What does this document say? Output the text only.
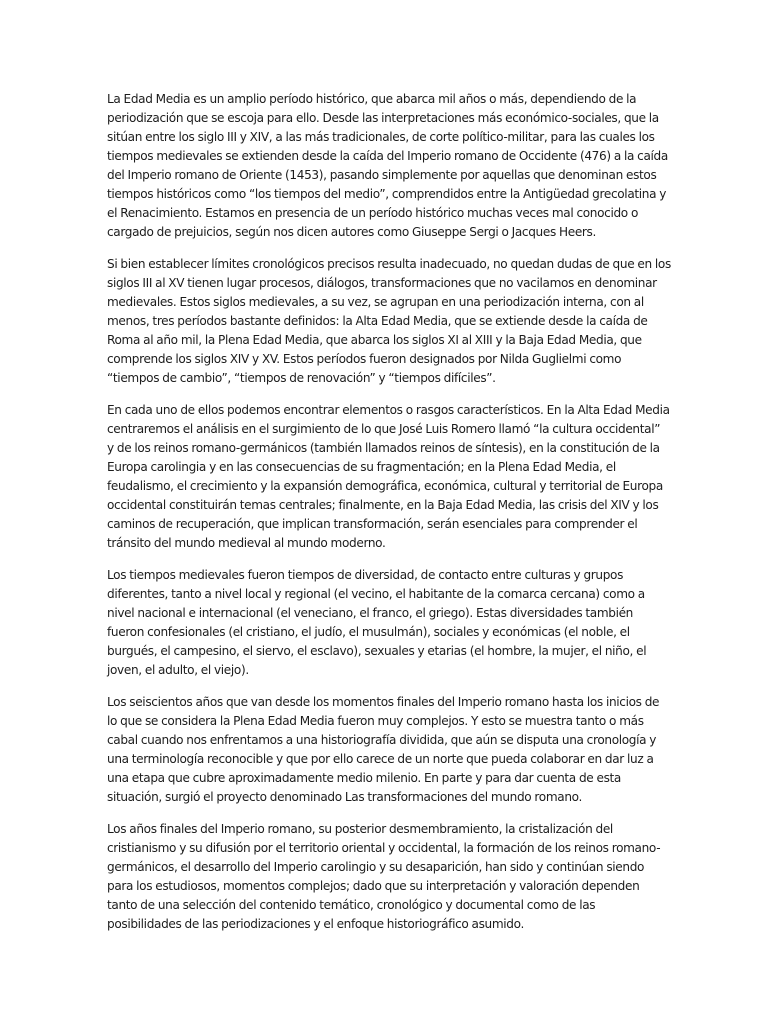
La Edad Media es un amplio período histórico, que abarca mil años o más, dependiendo de la
periodización que se escoja para ello. Desde las interpretaciones más económico-sociales, que la
sitúan entre los siglo III y XIV, a las más tradicionales, de corte político-militar, para las cuales los
tiempos medievales se extienden desde la caída del Imperio romano de Occidente (476) a la caída
del Imperio romano de Oriente (1453), pasando simplemente por aquellas que denominan estos
tiempos históricos como “los tiempos del medio”, comprendidos entre la Antigüedad grecolatina y
el Renacimiento. Estamos en presencia de un período histórico muchas veces mal conocido o
cargado de prejuicios, según nos dicen autores como Giuseppe Sergi o Jacques Heers.

Si bien establecer límites cronológicos precisos resulta inadecuado, no quedan dudas de que en los
siglos III al XV tienen lugar procesos, diálogos, transformaciones que no vacilamos en denominar
medievales. Estos siglos medievales, a su vez, se agrupan en una periodización interna, con al
menos, tres períodos bastante definidos: la Alta Edad Media, que se extiende desde la caída de
Roma al año mil, la Plena Edad Media, que abarca los siglos XI al XIII y la Baja Edad Media, que
comprende los siglos XIV y XV. Estos períodos fueron designados por Nilda Guglielmi como
“tiempos de cambio”, “tiempos de renovación” y “tiempos difíciles”.

En cada uno de ellos podemos encontrar elementos o rasgos característicos. En la Alta Edad Media
centraremos el análisis en el surgimiento de lo que José Luis Romero llamó “la cultura occidental”
y de los reinos romano-germánicos (también llamados reinos de síntesis), en la constitución de la
Europa carolingia y en las consecuencias de su fragmentación; en la Plena Edad Media, el
feudalismo, el crecimiento y la expansión demográfica, económica, cultural y territorial de Europa
occidental constituirán temas centrales; finalmente, en la Baja Edad Media, las crisis del XIV y los
caminos de recuperación, que implican transformación, serán esenciales para comprender el
tránsito del mundo medieval al mundo moderno.

Los tiempos medievales fueron tiempos de diversidad, de contacto entre culturas y grupos
diferentes, tanto a nivel local y regional (el vecino, el habitante de la comarca cercana) como a
nivel nacional e internacional (el veneciano, el franco, el griego). Estas diversidades también
fueron confesionales (el cristiano, el judío, el musulmán), sociales y económicas (el noble, el
burgués, el campesino, el siervo, el esclavo), sexuales y etarias (el hombre, la mujer, el niño, el
joven, el adulto, el viejo).

Los seiscientos años que van desde los momentos finales del Imperio romano hasta los inicios de
lo que se considera la Plena Edad Media fueron muy complejos. Y esto se muestra tanto o más
cabal cuando nos enfrentamos a una historiografía dividida, que aún se disputa una cronología y
una terminología reconocible y que por ello carece de un norte que pueda colaborar en dar luz a
una etapa que cubre aproximadamente medio milenio. En parte y para dar cuenta de esta
situación, surgió el proyecto denominado Las transformaciones del mundo romano.

Los años finales del Imperio romano, su posterior desmembramiento, la cristalización del
cristianismo y su difusión por el territorio oriental y occidental, la formación de los reinos romano-
germánicos, el desarrollo del Imperio carolingio y su desaparición, han sido y continúan siendo
para los estudiosos, momentos complejos; dado que su interpretación y valoración dependen
tanto de una selección del contenido temático, cronológico y documental como de las
posibilidades de las periodizaciones y el enfoque historiográfico asumido.
